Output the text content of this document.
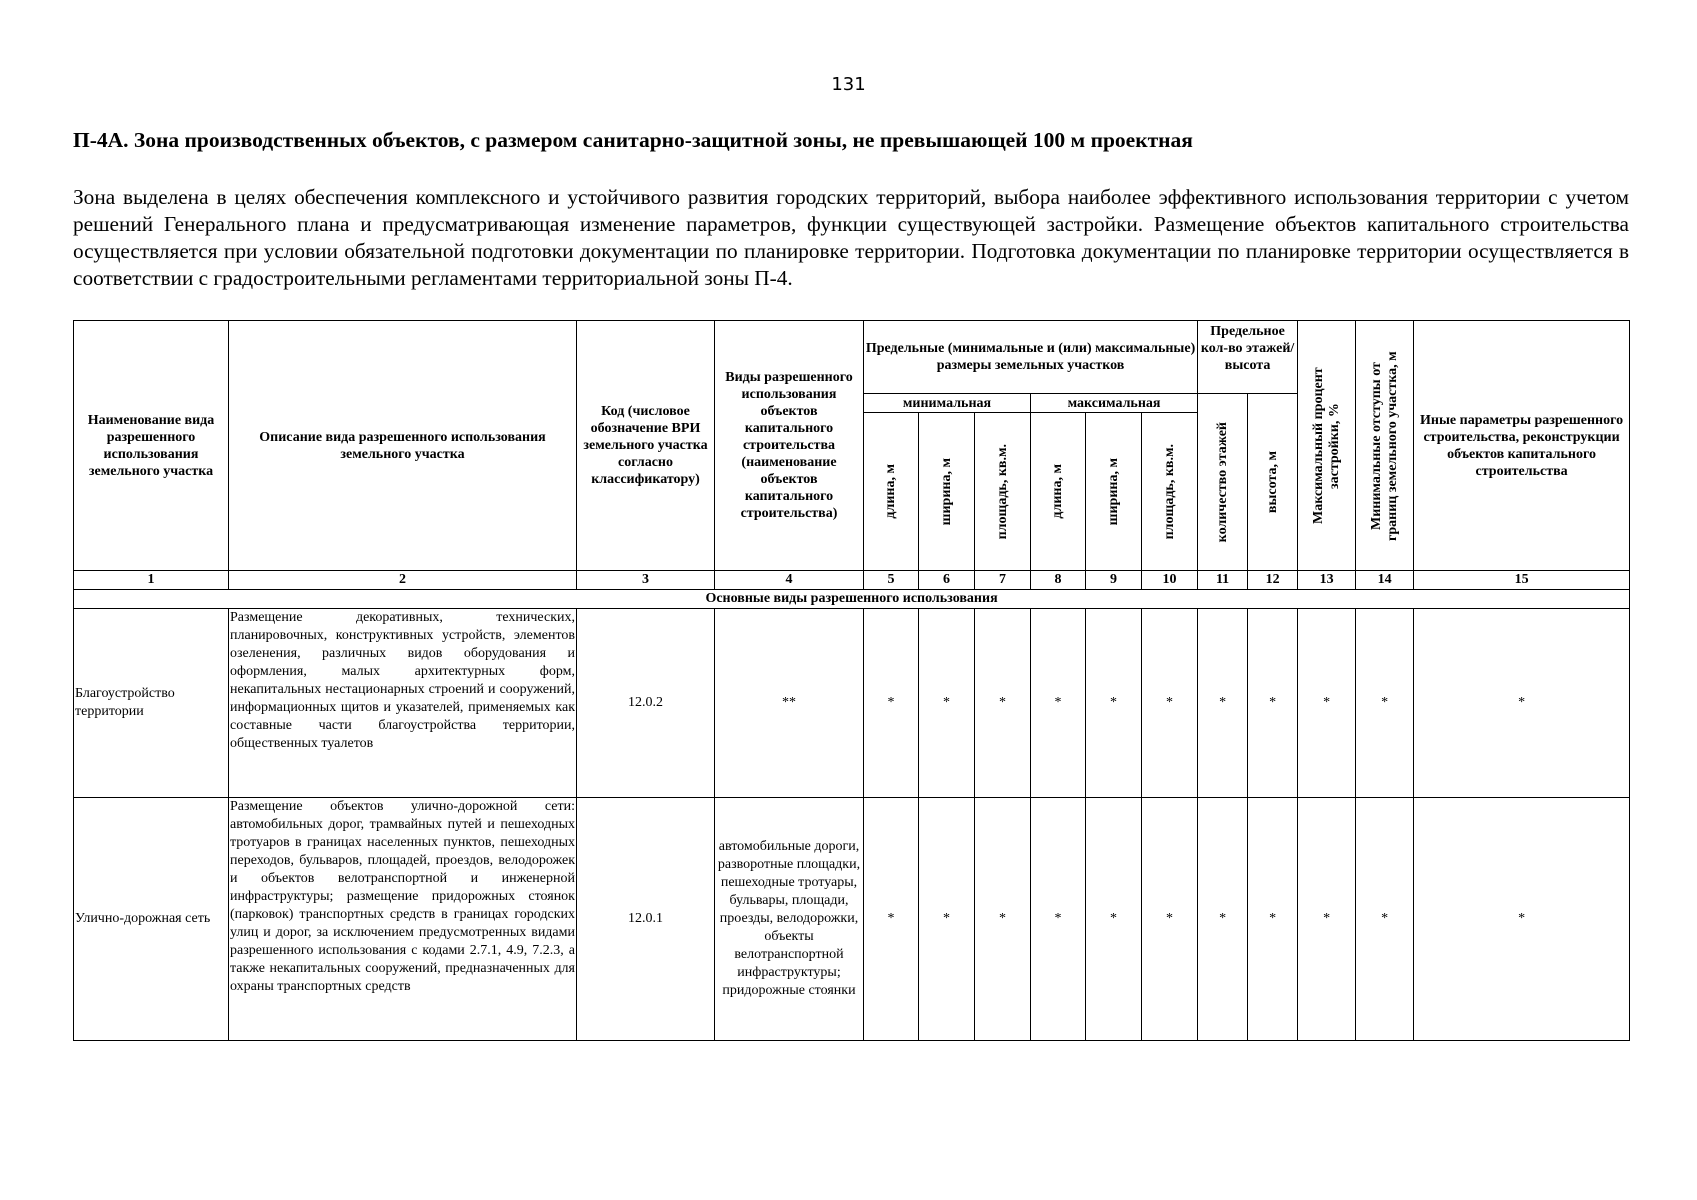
131
П-4А. Зона производственных объектов, с размером санитарно-защитной зоны, не превышающей 100 м проектная
Зона выделена в целях обеспечения комплексного и устойчивого развития городских территорий, выбора наиболее эффективного использования территории с учетом решений Генерального плана и предусматривающая изменение параметров, функции существующей застройки. Размещение объектов капитального строительства осуществляется при условии обязательной подготовки документации по планировке территории. Подготовка документации по планировке территории осуществляется в соответствии с градостроительными регламентами территориальной зоны П-4.
Наименование вида разрешенного использования земельного участка	Описание вида разрешенного использования земельного участка	Код (числовое обозначение ВРИ земельного участка согласно классификатору)	Виды разрешенного использования объектов капитального строительства (наименование объектов капитального строительства)	Предельные (минимальные и (или) максимальные) размеры земельных участков						Предельное кол-во этажей/ высота		Максимальный процент застройки, %	Минимальные отступы от границ земельного участка, м	Иные параметры разрешенного строительства, реконструкции объектов капитального строительства
				минимальная			максимальная			количество этажей	высота, м			

				длина, м	ширина, м	площадь, кв.м.	длина, м	ширина, м	площадь, кв.м.					

1	2	3	4	5	6	7	8	9	10	11	12	13	14	15
Основные виды разрешенного использования														
Благоустройство территории	Размещение декоративных, технических, планировочных, конструктивных устройств, элементов озеленения, различных видов оборудования и оформления, малых архитектурных форм, некапитальных нестационарных строений и сооружений, информационных щитов и указателей, применяемых как составные части благоустройства территории, общественных туалетов	12.0.2	**	*	*	*	*	*	*	*	*	*	*	*
Улично-дорожная сеть	Размещение объектов улично-дорожной сети: автомобильных дорог, трамвайных путей и пешеходных тротуаров в границах населенных пунктов, пешеходных переходов, бульваров, площадей, проездов, велодорожек и объектов велотранспортной и инженерной инфраструктуры; размещение придорожных стоянок (парковок) транспортных средств в границах городских улиц и дорог, за исключением предусмотренных видами разрешенного использования с кодами 2.7.1, 4.9, 7.2.3, а также некапитальных сооружений, предназначенных для охраны транспортных средств	12.0.1	автомобильные дороги, разворотные площадки, пешеходные тротуары, бульвары, площади, проезды, велодорожки, объекты велотранспортной инфраструктуры; придорожные стоянки	*	*	*	*	*	*	*	*	*	*	*
